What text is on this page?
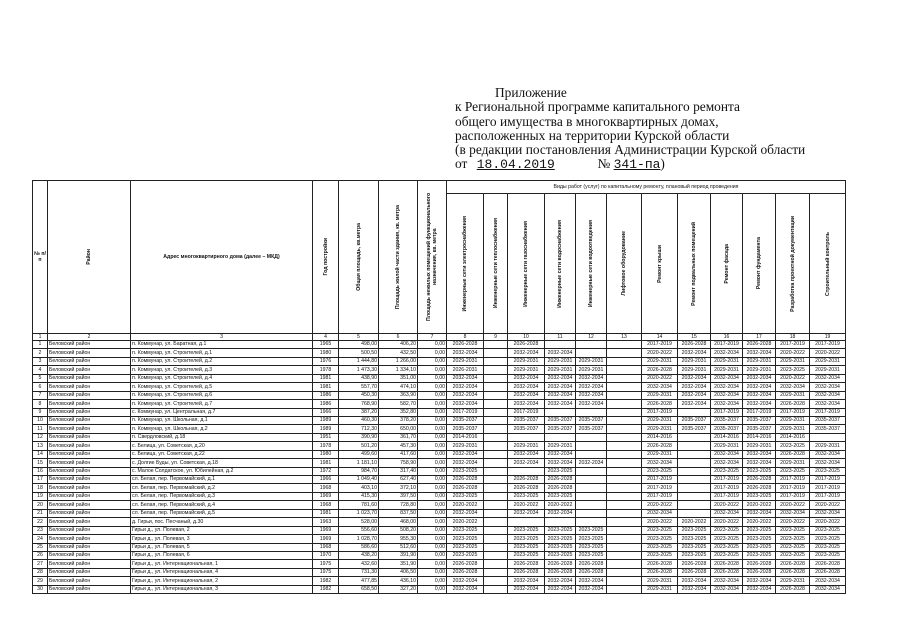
Приложение
к Региональной программе капитального ремонта
общего имущества в многоквартирных домах,
расположенных на территории Курской области
(в редакции постановления Администрации Курской области
от 18.04.2019	№ 341-па)
№ п/п	Район	Адрес многоквартирного дома (далее – МКД)	Год постройки	Общая площадь, кв.метра	Площадь жилой части здания, кв. метра	Площадь нежилых помещений функционального назначения, кв. метра	Виды работ (услуг) по капитальному ремонту, плановый период проведения											

							Инженерные сети электроснабжения	Инженерные сети теплоснабжения	Инженерные сети газоснабжения	Инженерные сети водоснабжения	Инженерные сети водоотведения	Лифтовое оборудование	Ремонт крыши	Ремонт подвальных помещений	Ремонт фасада	Ремонт фундамента	Разработка проектной документации	Строительный контроль

1	2	3	4	5	6	7	8	9	10	11	12	13	14	15	16	17	18	19
1	Беловский район	п. Коммунар, ул. Баратная, д.1	1965	498,00	406,20	0,00	2026-2028		2026-2028				2017-2019	2026-2028	2017-2019	2026-2028	2017-2019	2017-2019
2	Беловский район	п. Коммунар, ул. Строителей, д.1	1980	500,50	432,50	0,00	2032-2034		2032-2034	2032-2034			2020-2022	2032-2034	2032-2034	2032-2034	2020-2022	2020-2022
3	Беловский район	п. Коммунар, ул. Строителей, д.2	1976	1 444,80	1 266,00	0,00	2029-2031		2029-2031	2029-2031	2029-2031		2029-2031	2029-2031	2029-2031	2029-2031	2029-2031	2029-2031
4	Беловский район	п. Коммунар, ул. Строителей, д.3	1978	1 473,30	1 334,10	0,00	2026-2031		2029-2031	2029-2031	2029-2031		2026-2028	2029-2031	2029-2031	2029-2031	2023-2025	2029-2031
5	Беловский район	п. Коммунар, ул. Строителей, д.4	1981	438,90	351,00	0,00	2032-2034		2032-2034	2032-2034	2032-2034		2020-2022	2032-2034	2032-2034	2032-2034	2020-2022	2032-2034
6	Беловский район	п. Коммунар, ул. Строителей, д.5	1981	557,70	474,10	0,00	2032-2034		2032-2034	2032-2034	2032-2034		2032-2034	2032-2034	2032-2034	2032-2034	2032-2034	2032-2034
7	Беловский район	п. Коммунар, ул. Строителей, д.6	1986	450,30	363,90	0,00	2032-2034		2032-2034	2032-2034	2032-2034		2029-2031	2032-2034	2032-2034	2032-2034	2029-2031	2032-2034
8	Беловский район	п. Коммунар, ул. Строителей, д.7	1986	768,90	582,70	0,00	2032-2034		2032-2034	2032-2034	2032-2034		2026-2028	2032-2034	2032-2034	2032-2034	2026-2028	2032-2034
9	Беловский район	с. Коммунар, ул. Центральная, д.7	1966	387,20	352,80	0,00	2017-2019		2017-2019				2017-2019		2017-2019	2017-2019	2017-2019	2017-2019
10	Беловский район	п. Коммунар, ул. Школьная, д.1	1989	460,30	378,20	0,00	2035-2037		2035-2037	2035-2037	2035-2037		2029-2031	2035-2037	2035-2037	2035-2037	2029-2031	2035-2037
11	Беловский район	п. Коммунар, ул. Школьная, д.2	1989	712,30	650,00	0,00	2035-2037		2035-2037	2035-2037	2035-2037		2029-2031	2035-2037	2035-2037	2035-2037	2029-2031	2035-2037
12	Беловский район	п. Свердловский, д.18	1951	390,90	361,70	0,00	2014-2016						2014-2016		2014-2016	2014-2016	2014-2016	
13	Беловский район	с. Белица, ул. Советская, д.20	1978	501,20	457,30	0,00	2029-2031		2029-2031	2029-2031			2026-2028		2029-2031	2029-2031	2023-2025	2029-2031
14	Беловский район	с. Белица, ул. Советская, д.22	1980	499,60	417,60	0,00	2032-2034		2032-2034	2032-2034			2029-2031		2032-2034	2032-2034	2026-2028	2032-2034
15	Беловский район	с. Долгие Буды, ул. Советская, д.18	1981	1 181,10	758,90	0,00	2032-2034		2032-2034	2032-2034	2032-2034		2032-2034		2032-2034	2032-2034	2029-2031	2032-2034
16	Беловский район	с. Малое Солдатское, ул. Юбилейная, д.2	1972	984,70	317,40	0,00	2023-2025			2023-2025			2023-2025		2023-2025	2023-2025	2023-2025	2023-2025
17	Беловский район	сл. Белая, пер. Первомайский, д.1	1966	1 049,40	627,40	0,00	2026-2028		2026-2028	2026-2028			2017-2019		2017-2019	2026-2028	2017-2019	2017-2019
18	Беловский район	сл. Белая, пер. Первомайский, д.2	1968	403,10	372,10	0,00	2026-2028		2026-2028	2026-2028			2017-2019		2017-2019	2026-2028	2017-2019	2017-2019
19	Беловский район	сл. Белая, пер. Первомайский, д.3	1969	415,30	397,50	0,00	2023-2025		2023-2025	2023-2025			2017-2019		2017-2019	2023-2025	2017-2019	2017-2019
20	Беловский район	сл. Белая, пер. Первомайский, д.4	1968	781,60	728,80	0,00	2020-2022		2020-2022	2020-2022			2020-2022		2020-2022	2020-2022	2020-2022	2020-2022
21	Беловский район	сл. Белая, пер. Первомайский, д.5	1981	1 023,70	837,50	0,00	2032-2034		2032-2034	2032-2034			2032-2034		2032-2034	2032-2034	2032-2034	2032-2034
22	Беловский район	д. Гирьи, пос. Песчаный, д.30	1963	528,00	468,00	0,00	2020-2022						2020-2022	2020-2022	2020-2022	2020-2022	2020-2022	2020-2022
23	Беловский район	Гирьи д., ул. Полевая, 2	1969	556,60	508,20	0,00	2023-2025		2023-2025	2023-2025	2023-2025		2023-2025	2023-2025	2023-2025	2023-2025	2023-2025	2023-2025
24	Беловский район	Гирьи д., ул. Полевая, 3	1969	1 028,70	955,30	0,00	2023-2025		2023-2025	2023-2025	2023-2025		2023-2025	2023-2025	2023-2025	2023-2025	2023-2025	2023-2025
25	Беловский район	Гирьи д., ул. Полевая, 5	1968	586,60	512,60	0,00	2023-2025		2023-2025	2023-2025	2023-2025		2023-2025	2023-2025	2023-2025	2023-2025	2023-2025	2023-2025
26	Беловский район	Гирьи д., ул. Полевая, 6	1970	438,20	391,90	0,00	2023-2025		2023-2025	2023-2025	2023-2025		2023-2025	2023-2025	2023-2025	2023-2025	2023-2025	2023-2025
27	Беловский район	Гирьи д., ул. Интернациональная, 1	1975	432,60	351,90	0,00	2026-2028		2026-2028	2026-2028	2026-2028		2026-2028	2026-2028	2026-2028	2026-2028	2026-2028	2026-2028
28	Беловский район	Гирьи д., ул. Интернациональная, 4	1975	731,30	406,50	0,00	2026-2028		2026-2028	2026-2028	2026-2028		2026-2028	2026-2028	2026-2028	2026-2028	2026-2028	2026-2028
29	Беловский район	Гирьи д., ул. Интернациональная, 2	1982	477,85	436,10	0,00	2032-2034		2032-2034	2032-2034	2032-2034		2029-2031	2032-2034	2032-2034	2032-2034	2029-2031	2032-2034
30	Беловский район	Гирьи д., ул. Интернациональная, 3	1982	658,50	327,20	0,00	2032-2034		2032-2034	2032-2034	2032-2034		2029-2031	2032-2034	2032-2034	2032-2034	2026-2028	2032-2034
